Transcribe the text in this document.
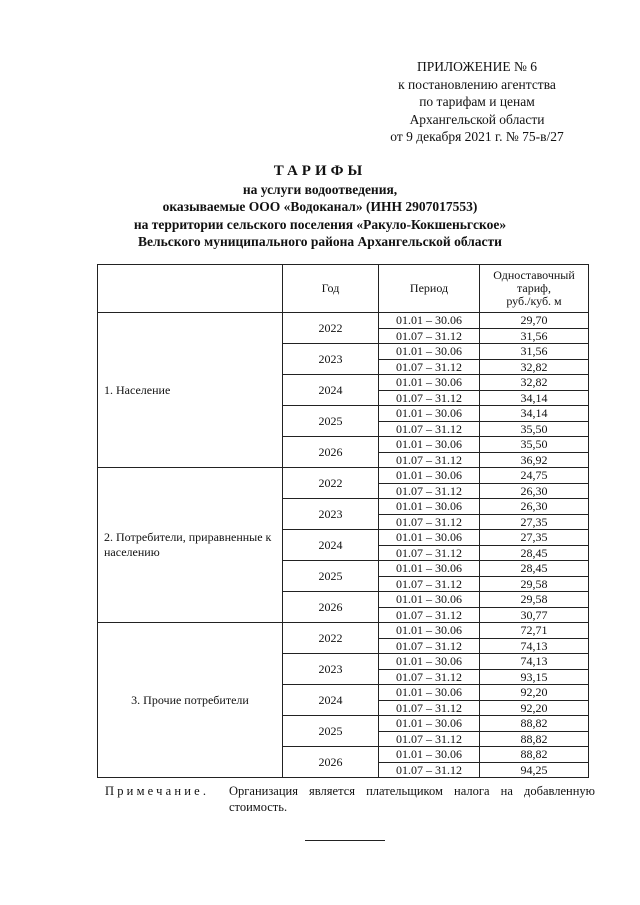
ПРИЛОЖЕНИЕ № 6
к постановлению агентства
по тарифам и ценам
Архангельской области
от 9 декабря 2021 г. № 75-в/27
ТАРИФЫ
на услуги водоотведения,
оказываемые ООО «Водоканал» (ИНН 2907017553)
на территории сельского поселения «Ракуло-Кокшеньгское»
Вельского муниципального района Архангельской области
	Год	Период	Одноставочный
тариф,
руб./куб. м

1. Население	2022	01.01 – 30.06	29,70
		01.07 – 31.12	31,56
	2023	01.01 – 30.06	31,56
		01.07 – 31.12	32,82
	2024	01.01 – 30.06	32,82
		01.07 – 31.12	34,14
	2025	01.01 – 30.06	34,14
		01.07 – 31.12	35,50
	2026	01.01 – 30.06	35,50
		01.07 – 31.12	36,92
2. Потребители, приравненные к населению	2022	01.01 – 30.06	24,75
		01.07 – 31.12	26,30
	2023	01.01 – 30.06	26,30
		01.07 – 31.12	27,35
	2024	01.01 – 30.06	27,35
		01.07 – 31.12	28,45
	2025	01.01 – 30.06	28,45
		01.07 – 31.12	29,58
	2026	01.01 – 30.06	29,58
		01.07 – 31.12	30,77
3. Прочие потребители	2022	01.01 – 30.06	72,71
		01.07 – 31.12	74,13
	2023	01.01 – 30.06	74,13
		01.07 – 31.12	93,15
	2024	01.01 – 30.06	92,20
		01.07 – 31.12	92,20
	2025	01.01 – 30.06	88,82
		01.07 – 31.12	88,82
	2026	01.01 – 30.06	88,82
		01.07 – 31.12	94,25
Примечание. Организация является плательщиком налога на добавленную стоимость.
